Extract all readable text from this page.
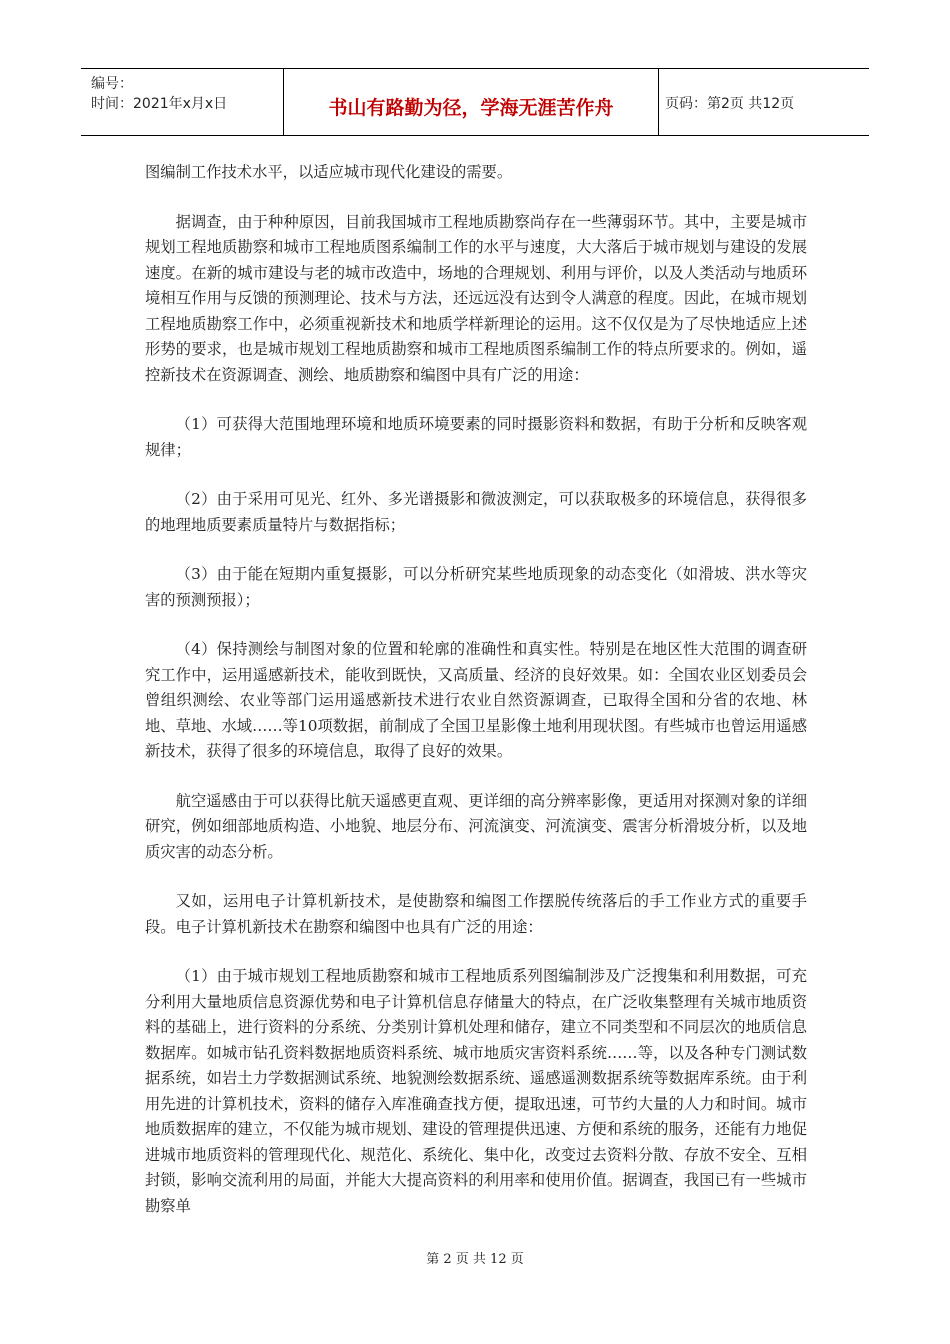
编号：
时间：2021年x月x日	书山有路勤为径，学海无涯苦作舟	页码：第2页 共12页

图编制工作技术水平，以适应城市现代化建设的需要。

据调查，由于种种原因，目前我国城市工程地质勘察尚存在一些薄弱环节。其中，主要是城市规划工程地质勘察和城市工程地质图系编制工作的水平与速度，大大落后于城市规划与建设的发展速度。在新的城市建设与老的城市改造中，场地的合理规划、利用与评价，以及人类活动与地质环境相互作用与反馈的预测理论、技术与方法，还远远没有达到令人满意的程度。因此，在城市规划工程地质勘察工作中，必须重视新技术和地质学样新理论的运用。这不仅仅是为了尽快地适应上述形势的要求，也是城市规划工程地质勘察和城市工程地质图系编制工作的特点所要求的。例如，遥控新技术在资源调查、测绘、地质勘察和编图中具有广泛的用途：

（1）可获得大范围地理环境和地质环境要素的同时摄影资料和数据，有助于分析和反映客观规律；

（2）由于采用可见光、红外、多光谱摄影和微波测定，可以获取极多的环境信息，获得很多的地理地质要素质量特片与数据指标；

（3）由于能在短期内重复摄影，可以分析研究某些地质现象的动态变化（如滑坡、洪水等灾害的预测预报）；

（4）保持测绘与制图对象的位置和轮廓的准确性和真实性。特别是在地区性大范围的调查研究工作中，运用遥感新技术，能收到既快，又高质量、经济的良好效果。如：全国农业区划委员会曾组织测绘、农业等部门运用遥感新技术进行农业自然资源调查，已取得全国和分省的农地、林地、草地、水域……等10项数据，前制成了全国卫星影像土地利用现状图。有些城市也曾运用遥感新技术，获得了很多的环境信息，取得了良好的效果。

航空遥感由于可以获得比航天遥感更直观、更详细的高分辨率影像，更适用对探测对象的详细研究，例如细部地质构造、小地貌、地层分布、河流演变、河流演变、震害分析滑坡分析，以及地质灾害的动态分析。

又如，运用电子计算机新技术，是使勘察和编图工作摆脱传统落后的手工作业方式的重要手段。电子计算机新技术在勘察和编图中也具有广泛的用途：

（1）由于城市规划工程地质勘察和城市工程地质系列图编制涉及广泛搜集和利用数据，可充分利用大量地质信息资源优势和电子计算机信息存储量大的特点，在广泛收集整理有关城市地质资料的基础上，进行资料的分系统、分类别计算机处理和储存，建立不同类型和不同层次的地质信息数据库。如城市钻孔资料数据地质资料系统、城市地质灾害资料系统……等，以及各种专门测试数据系统，如岩土力学数据测试系统、地貌测绘数据系统、遥感遥测数据系统等数据库系统。由于利用先进的计算机技术，资料的储存入库准确查找方便，提取迅速，可节约大量的人力和时间。城市地质数据库的建立，不仅能为城市规划、建设的管理提供迅速、方便和系统的服务，还能有力地促进城市地质资料的管理现代化、规范化、系统化、集中化，改变过去资料分散、存放不安全、互相封锁，影响交流利用的局面，并能大大提高资料的利用率和使用价值。据调查，我国已有一些城市勘察单

第 2 页 共 12 页
